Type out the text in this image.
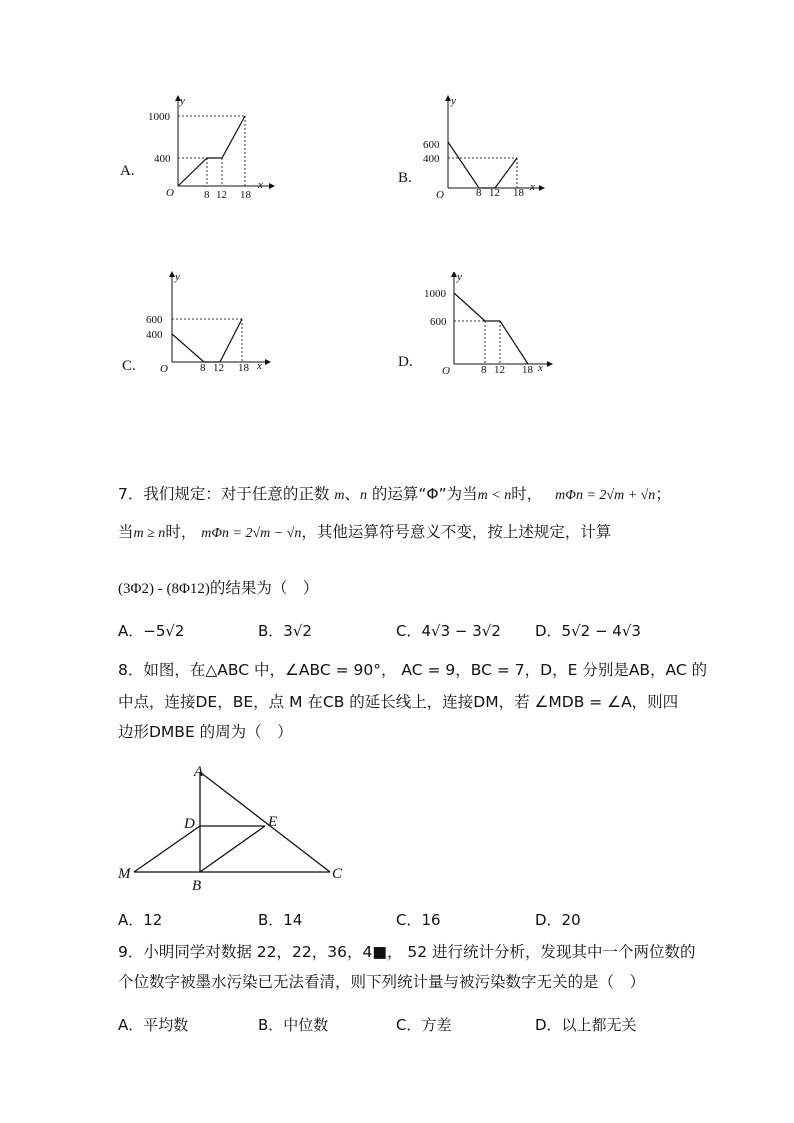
A.	B.
C.	D.
y
x
O
1000
400
8 12 18
y
x
O
600
400
8 12 18
y
x
O
600
400
8 12 18
y
x
O
1000
600
8 12 18
7．我们规定：对于任意的正数 m、n 的运算“Φ”为当m < n时， mΦn = 2√m + √n；
当m ≥ n时， mΦn = 2√m − √n，其他运算符号意义不变，按上述规定，计算
(3Φ2) - (8Φ12)的结果为（　）
A．−5√2	B．3√2	C．4√3 − 3√2 D．5√2 − 4√3
8．如图，在△ABC 中，∠ABC = 90°， AC = 9，BC = 7，D，E 分别是AB，AC 的
中点，连接DE，BE，点 M 在CB 的延长线上，连接DM，若 ∠MDB = ∠A，则四
边形DMBE 的周为（　）
A
D	E
M
B
C
A．12	B．14	C．16	D．20
9．小明同学对数据 22，22，36，4■， 52 进行统计分析，发现其中一个两位数的
个位数字被墨水污染已无法看清，则下列统计量与被污染数字无关的是（　）
A．平均数	B．中位数	C．方差	D．以上都无关
